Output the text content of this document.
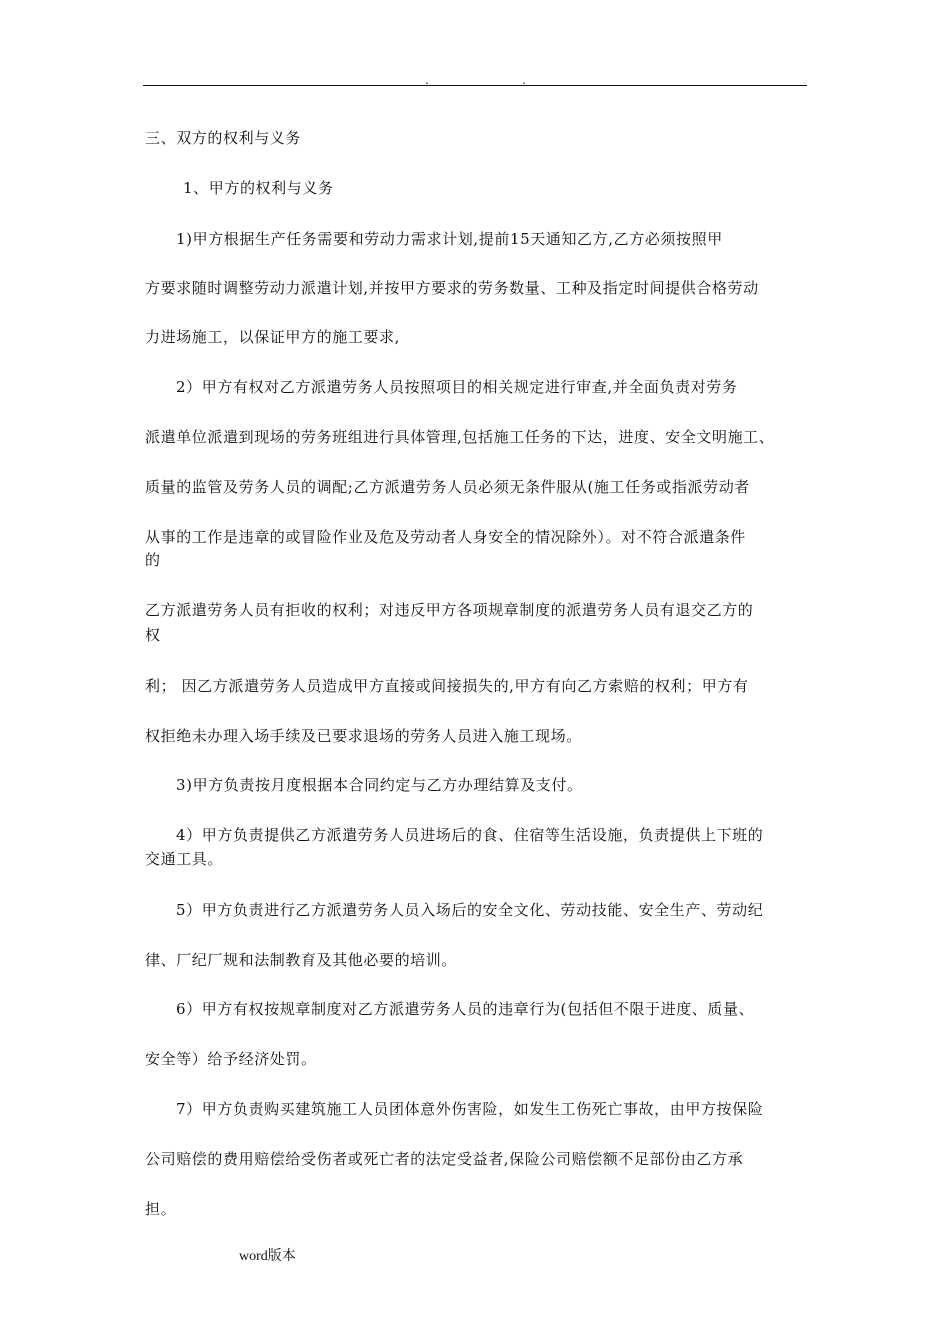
.	.
三、双方的权利与义务
1、甲方的权利与义务
1)甲方根据生产任务需要和劳动力需求计划,提前15天通知乙方,乙方必须按照甲
方要求随时调整劳动力派遣计划,并按甲方要求的劳务数量、工种及指定时间提供合格劳动
力进场施工，以保证甲方的施工要求,
2）甲方有权对乙方派遣劳务人员按照项目的相关规定进行审查,并全面负责对劳务
派遣单位派遣到现场的劳务班组进行具体管理,包括施工任务的下达，进度、安全文明施工、
质量的监管及劳务人员的调配;乙方派遣劳务人员必须无条件服从(施工任务或指派劳动者
从事的工作是违章的或冒险作业及危及劳动者人身安全的情况除外）。对不符合派遣条件
的
乙方派遣劳务人员有拒收的权利；对违反甲方各项规章制度的派遣劳务人员有退交乙方的
权
利； 因乙方派遣劳务人员造成甲方直接或间接损失的,甲方有向乙方索赔的权利；甲方有
权拒绝未办理入场手续及已要求退场的劳务人员进入施工现场。
3)甲方负责按月度根据本合同约定与乙方办理结算及支付。
4）甲方负责提供乙方派遣劳务人员进场后的食、住宿等生活设施，负责提供上下班的
交通工具。
5）甲方负责进行乙方派遣劳务人员入场后的安全文化、劳动技能、安全生产、劳动纪
律、厂纪厂规和法制教育及其他必要的培训。
6）甲方有权按规章制度对乙方派遣劳务人员的违章行为(包括但不限于进度、质量、
安全等）给予经济处罚。
7）甲方负责购买建筑施工人员团体意外伤害险，如发生工伤死亡事故，由甲方按保险
公司赔偿的费用赔偿给受伤者或死亡者的法定受益者,保险公司赔偿额不足部份由乙方承
担。
word版本
